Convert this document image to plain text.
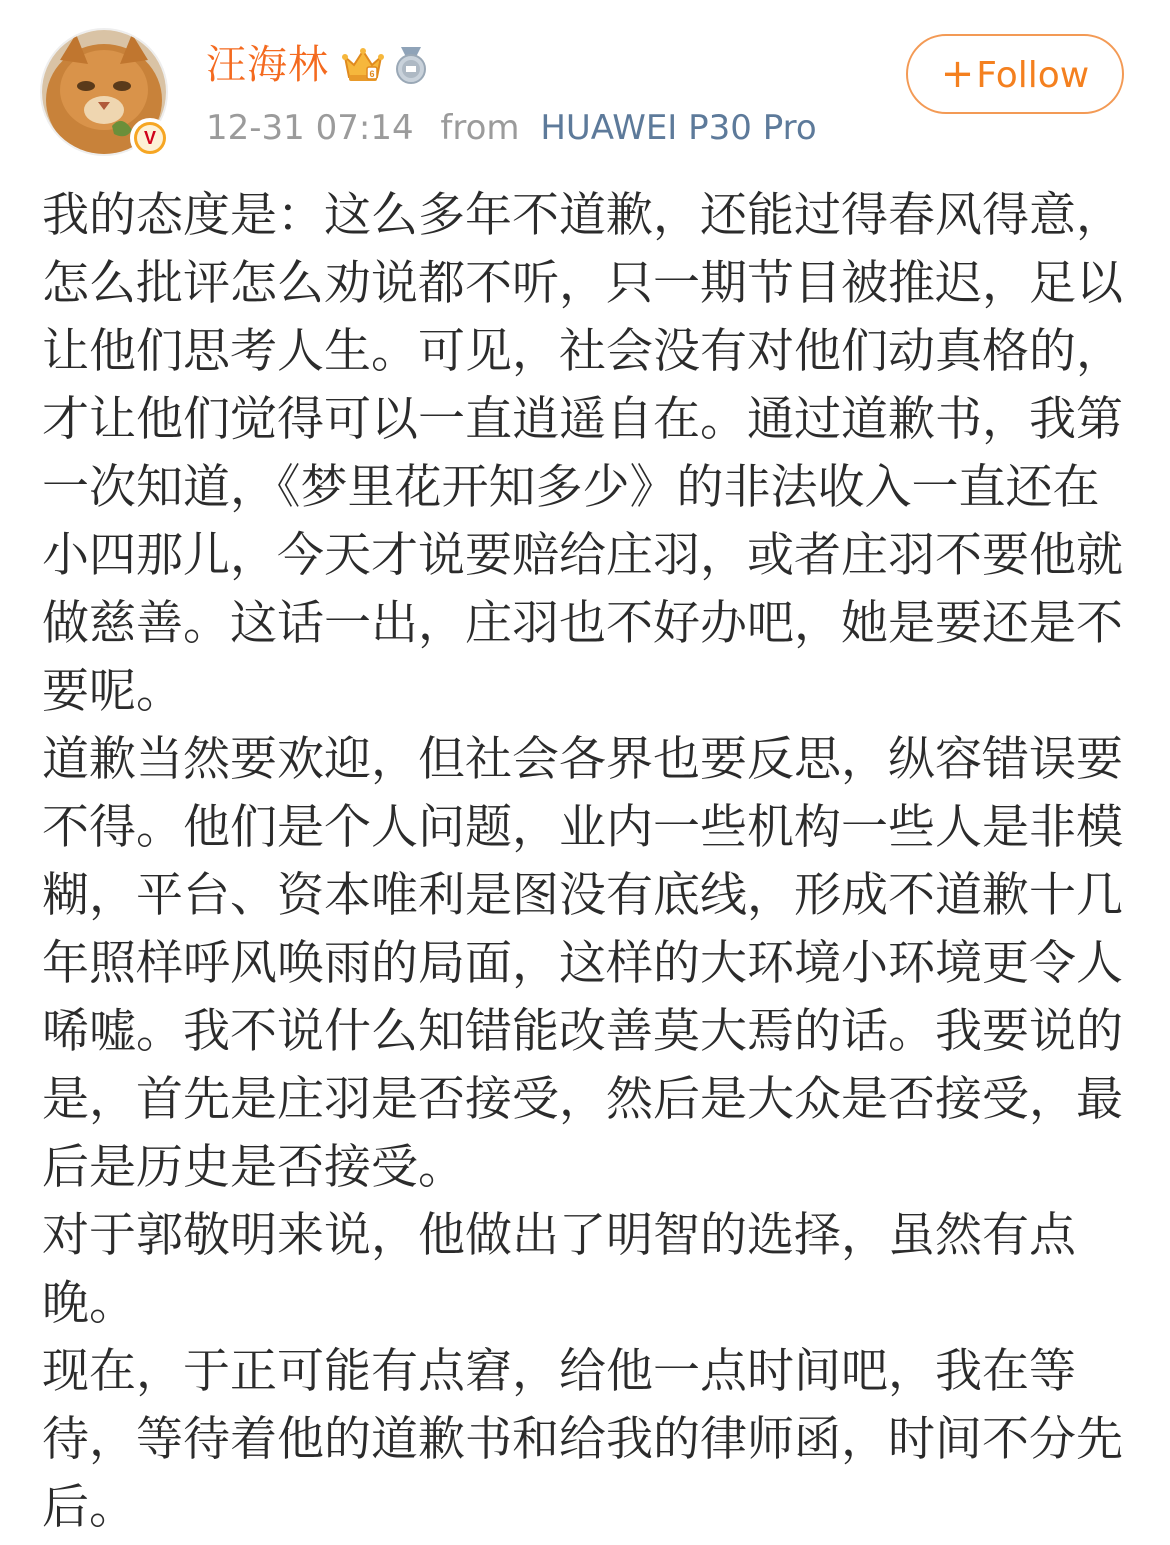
V
汪海林	6
12-31 07:14 from HUAWEI P30 Pro
+Follow

我的态度是：这么多年不道歉，还能过得春风得意，怎么批评怎么劝说都不听，只一期节目被推迟，足以让他们思考人生。可见，社会没有对他们动真格的，才让他们觉得可以一直逍遥自在。通过道歉书，我第一次知道，《梦里花开知多少》的非法收入一直还在小四那儿，今天才说要赔给庄羽，或者庄羽不要他就做慈善。这话一出，庄羽也不好办吧，她是要还是不要呢。

道歉当然要欢迎，但社会各界也要反思，纵容错误要不得。他们是个人问题，业内一些机构一些人是非模糊，平台、资本唯利是图没有底线，形成不道歉十几年照样呼风唤雨的局面，这样的大环境小环境更令人唏嘘。我不说什么知错能改善莫大焉的话。我要说的是，首先是庄羽是否接受，然后是大众是否接受，最后是历史是否接受。

对于郭敬明来说，他做出了明智的选择，虽然有点晚。

现在，于正可能有点窘，给他一点时间吧，我在等待，等待着他的道歉书和给我的律师函，时间不分先后。
